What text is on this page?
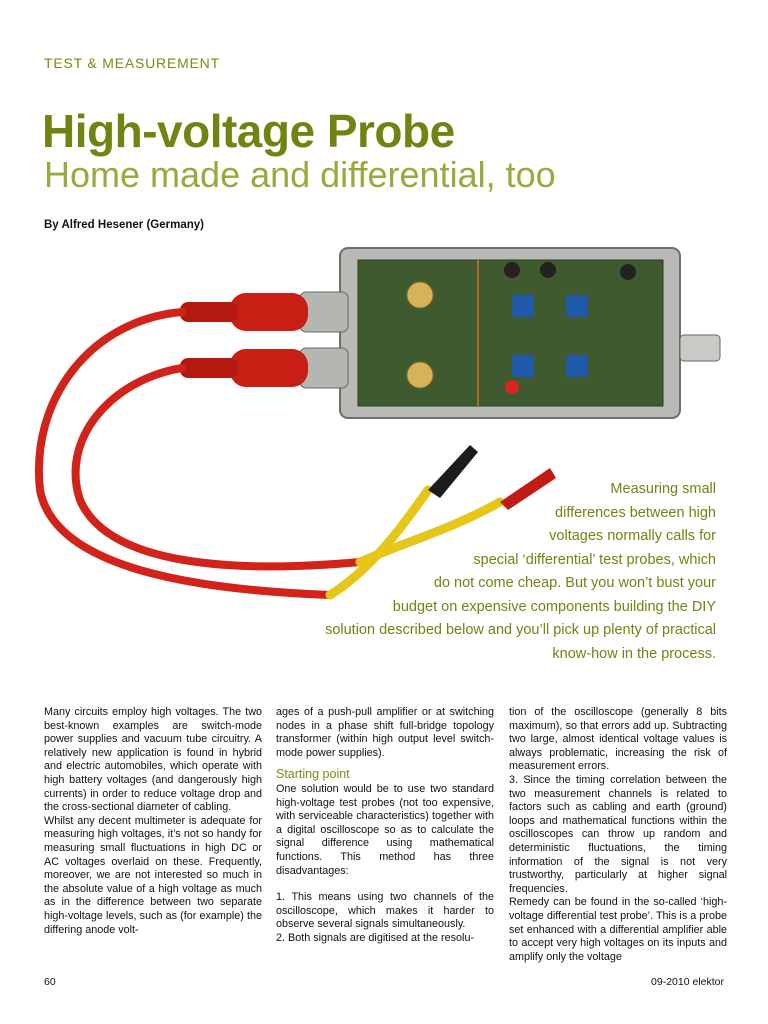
TEST & MEASUREMENT
High-voltage Probe
Home made and differential, too
By Alfred Hesener (Germany)
Measuring small
differences between high
voltages normally calls for
special ‘differential’ test probes, which
do not come cheap. But you won’t bust your
budget on expensive components building the DIY
solution described below and you’ll pick up plenty of practical
know-how in the process.

Many circuits employ high voltages. The two best-known examples are switch-mode power supplies and vacuum tube circuitry. A relatively new application is found in hybrid and electric automobiles, which operate with high battery voltages (and dangerously high currents) in order to reduce voltage drop and the cross-sectional diameter of cabling.

Whilst any decent multimeter is adequate for measuring high voltages, it’s not so handy for measuring small fluctuations in high DC or AC voltages overlaid on these. Frequently, moreover, we are not interested so much in the absolute value of a high voltage as much as in the difference between two separate high-voltage levels, such as (for example) the differing anode volt-

ages of a push-pull amplifier or at switching nodes in a phase shift full-bridge topology transformer (within high output level switch-mode power supplies).

Starting point

One solution would be to use two standard high-voltage test probes (not too expensive, with serviceable characteristics) together with a digital oscilloscope so as to calculate the signal difference using mathematical functions. This method has three disadvantages:

1. This means using two channels of the oscilloscope, which makes it harder to observe several signals simultaneously.

2. Both signals are digitised at the resolu-

tion of the oscilloscope (generally 8 bits maximum), so that errors add up. Subtracting two large, almost identical voltage values is always problematic, increasing the risk of measurement errors.

3. Since the timing correlation between the two measurement channels is related to factors such as cabling and earth (ground) loops and mathematical functions within the oscilloscopes can throw up random and deterministic fluctuations, the timing information of the signal is not very trustworthy, particularly at higher signal frequencies.

Remedy can be found in the so-called ‘high-voltage differential test probe’. This is a probe set enhanced with a differential amplifier able to accept very high voltages on its inputs and amplify only the voltage

60	09-2010 elektor
